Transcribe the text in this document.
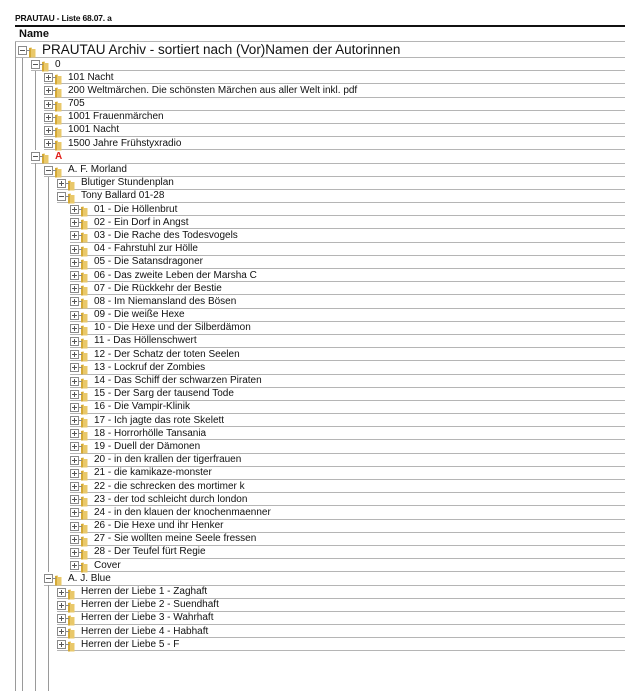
PRAUTAU - Liste 68.07. a
Name
PRAUTAU Archiv - sortiert nach (Vor)Namen der Autorinnen
0
101 Nacht
200 Weltmärchen. Die schönsten Märchen aus aller Welt inkl. pdf
705
1001 Frauenmärchen
1001 Nacht
1500 Jahre Frühstyxradio
A
A. F. Morland
Blutiger Stundenplan
Tony Ballard 01-28
01 - Die Höllenbrut
02 - Ein Dorf in Angst
03 - Die Rache des Todesvogels
04 - Fahrstuhl zur Hölle
05 - Die Satansdragoner
06 - Das zweite Leben der Marsha C
07 - Die Rückkehr der Bestie
08 - Im Niemansland des Bösen
09 - Die weiße Hexe
10 - Die Hexe und der Silberdämon
11 - Das Höllenschwert
12 - Der Schatz der toten Seelen
13 - Lockruf der Zombies
14 - Das Schiff der schwarzen Piraten
15 - Der Sarg der tausend Tode
16 - Die Vampir-Klinik
17 - Ich jagte das rote Skelett
18 - Horrorhölle Tansania
19 - Duell der Dämonen
20 - in den krallen der tigerfrauen
21 - die kamikaze-monster
22 - die schrecken des mortimer k
23 - der tod schleicht durch london
24 - in den klauen der knochenmaenner
26 - Die Hexe und ihr Henker
27 - Sie wollten meine Seele fressen
28 - Der Teufel fürt Regie
Cover
A. J. Blue
Herren der Liebe 1 - Zaghaft
Herren der Liebe 2 - Suendhaft
Herren der Liebe 3 - Wahrhaft
Herren der Liebe 4 - Habhaft
Herren der Liebe 5 - F
